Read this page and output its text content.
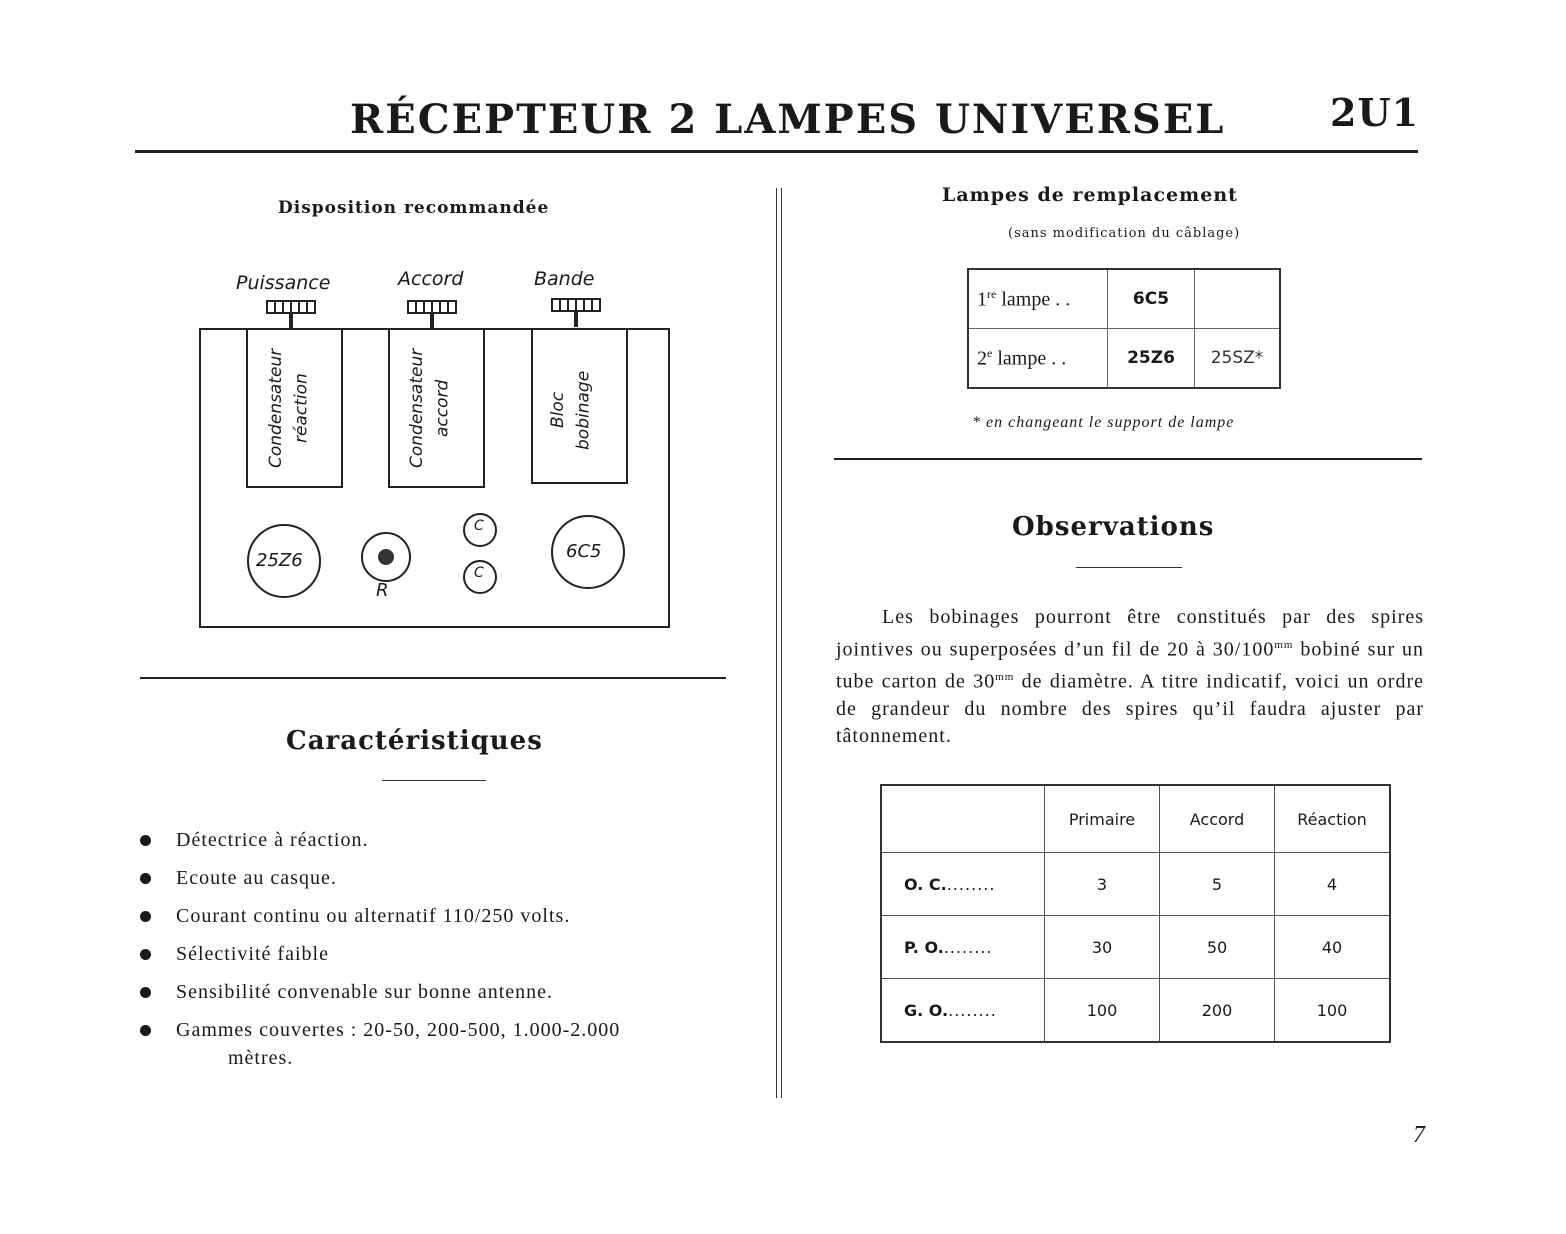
RÉCEPTEUR 2 LAMPES UNIVERSEL	2U1
Disposition recommandée
Puissance	Accord	Bande
Condensateur réaction	Condensateur accord	Bloc bobinage
25Z6	6C5
R
C
C
Caractéristiques
Détectrice à réaction.
Ecoute au casque.
Courant continu ou alternatif 110/250 volts.
Sélectivité faible
Sensibilité convenable sur bonne antenne.
Gammes couvertes : 20-50, 200-500, 1.000-2.000
mètres.
Lampes de remplacement
(sans modification du câblage)
1re lampe . .	6C5	
2e lampe . .	25Z6	25SZ*
* en changeant le support de lampe
Observations
Les bobinages pourront être constitués par des spires jointives ou superposées d’un fil de 20 à $30/100^{mm}$ bobiné sur un tube carton de $30^{mm}$ de diamètre. A titre indicatif, voici un ordre de grandeur du nombre des spires qu’il faudra ajuster par tâtonnement.
	Primaire	Accord	Réaction
O. C.........	3	5	4
P. O.........	30	50	40
G. O.........	100	200	100
7
